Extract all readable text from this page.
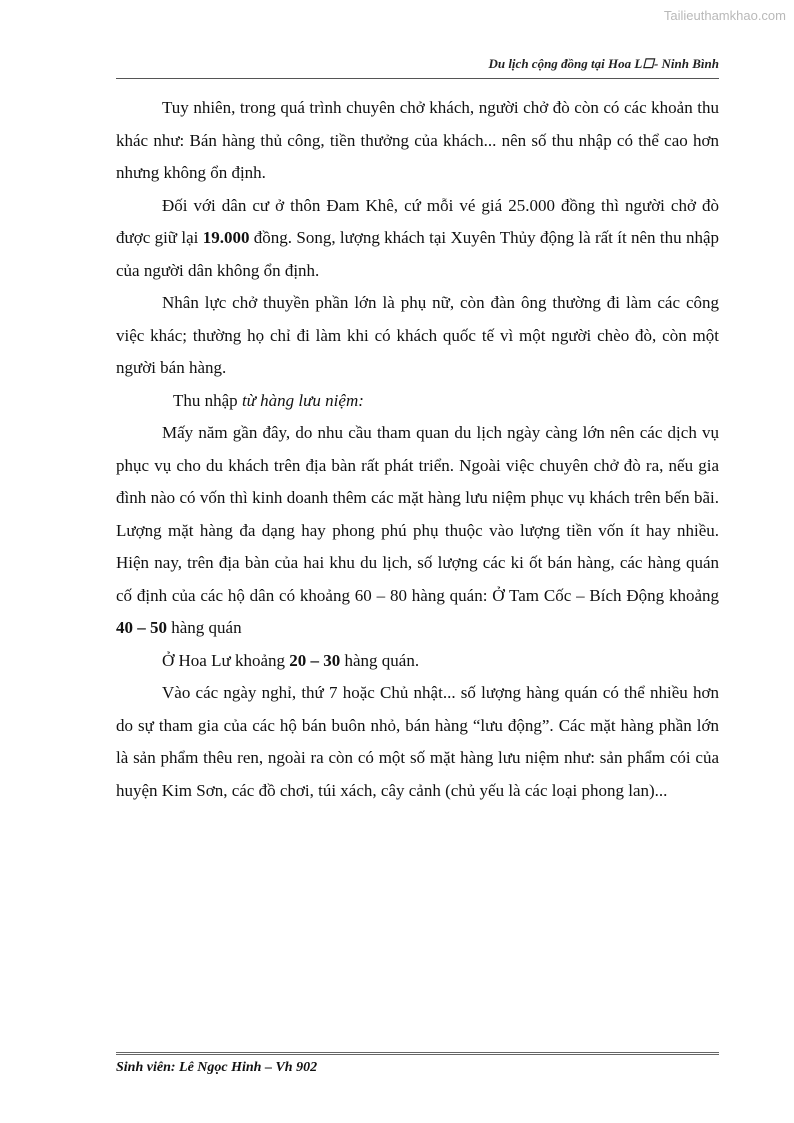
Tailieuthamkhao.com
Du lịch cộng đồng tại Hoa L☐- Ninh Bình

Tuy nhiên, trong quá trình chuyên chở khách, người chở đò còn có các khoản thu khác như: Bán hàng thủ công, tiền thưởng của khách... nên số thu nhập có thể cao hơn nhưng không ổn định.

Đối với dân cư ở thôn Đam Khê, cứ mỗi vé giá 25.000 đồng thì người chở đò được giữ lại 19.000 đồng. Song, lượng khách tại Xuyên Thủy động là rất ít nên thu nhập của người dân không ổn định.

Nhân lực chở thuyền phần lớn là phụ nữ, còn đàn ông thường đi làm các công việc khác; thường họ chỉ đi làm khi có khách quốc tế vì một người chèo đò, còn một người bán hàng.

Thu nhập từ hàng lưu niệm:

Mấy năm gần đây, do nhu cầu tham quan du lịch ngày càng lớn nên các dịch vụ phục vụ cho du khách trên địa bàn rất phát triển. Ngoài việc chuyên chở đò ra, nếu gia đình nào có vốn thì kinh doanh thêm các mặt hàng lưu niệm phục vụ khách trên bến bãi. Lượng mặt hàng đa dạng hay phong phú phụ thuộc vào lượng tiền vốn ít hay nhiều. Hiện nay, trên địa bàn của hai khu du lịch, số lượng các ki ốt bán hàng, các hàng quán cố định của các hộ dân có khoảng 60 – 80 hàng quán: Ở Tam Cốc – Bích Động khoảng 40 – 50 hàng quán

Ở Hoa Lư khoảng 20 – 30 hàng quán.

Vào các ngày nghỉ, thứ 7 hoặc Chủ nhật... số lượng hàng quán có thể nhiều hơn do sự tham gia của các hộ bán buôn nhỏ, bán hàng “lưu động”. Các mặt hàng phần lớn là sản phẩm thêu ren, ngoài ra còn có một số mặt hàng lưu niệm như: sản phẩm cói của huyện Kim Sơn, các đồ chơi, túi xách, cây cảnh (chủ yếu là các loại phong lan)...

Sinh viên: Lê Ngọc Hinh – Vh 902
